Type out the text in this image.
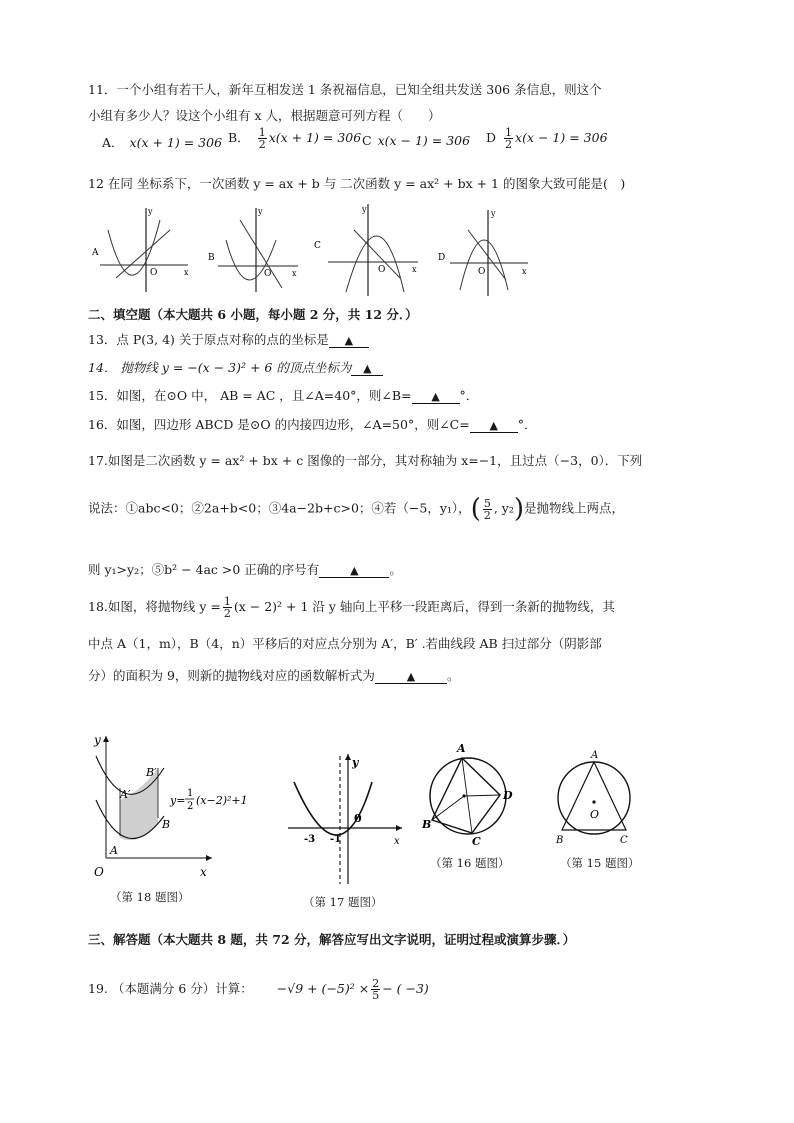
11．一个小组有若干人，新年互相发送 1 条祝福信息，已知全组共发送 306 条信息，则这个
小组有多少人？设这个小组有 x 人，根据题意可列方程（　　）
A． x(x + 1) = 306 B． $\frac{1}{2} x(x + 1) = 306$ C x(x − 1) = 306 D $\frac{1}{2} x(x - 1) = 306$
12 在同 坐标系下，一次函数 y = ax + b 与 二次函数 y = ax² + bx + 1 的图象大致可能是(　)
A
y
O	x
B
y
O	x
C
y
O	x
D
y
O	x
二、填空题（本大题共 6 小题，每小题 2 分，共 12 分．）
13．点 P(3, 4) 关于原点对称的点的坐标是 ▲
14． 抛物线 y = −(x − 3)² + 6 的顶点坐标为 ▲
15．如图，在⊙O 中， AB = AC ，且∠A=40°，则∠B= ▲ °．
16．如图，四边形 ABCD 是⊙O 的内接四边形，∠A=50°，则∠C= ▲ °．
17.如图是二次函数 y = ax² + bx + c 图像的一部分，其对称轴为 x=−1，且过点（−3，0）．下列
说法：①abc<0；②2a+b<0；③4a−2b+c>0；④若（−5，y₁），( $\frac{5}{2}$ , y₂)是抛物线上两点，
则 y₁>y₂；⑤b² − 4ac >0 正确的序号有	▲ 。
18.如图，将抛物线 $y = \frac{1}{2} (x - 2)^2 + 1$ 沿 y 轴向上平移一段距离后，得到一条新的抛物线，其
中点 A（1，m），B（4，n）平移后的对应点分别为 A′，B′ .若曲线段 AB 扫过部分（阴影部
分）的面积为 9，则新的抛物线对应的函数解析式为	▲	。
y
x
O
A
B
A′
B′
y=
1
2 (x−2)²+1
（第 18 题图）
y
x
0
-3 -1
（第 17 题图）
A
D
B
C
（第 16 题图）
A
B	C
O
（第 15 题图）
三、解答题（本大题共 8 题，共 72 分，解答应写出文字说明，证明过程或演算步骤．）
19. （本题满分 6 分）计算： $-√9 + (-5)^2 \times \frac{2}{5}$ − ( −3)
